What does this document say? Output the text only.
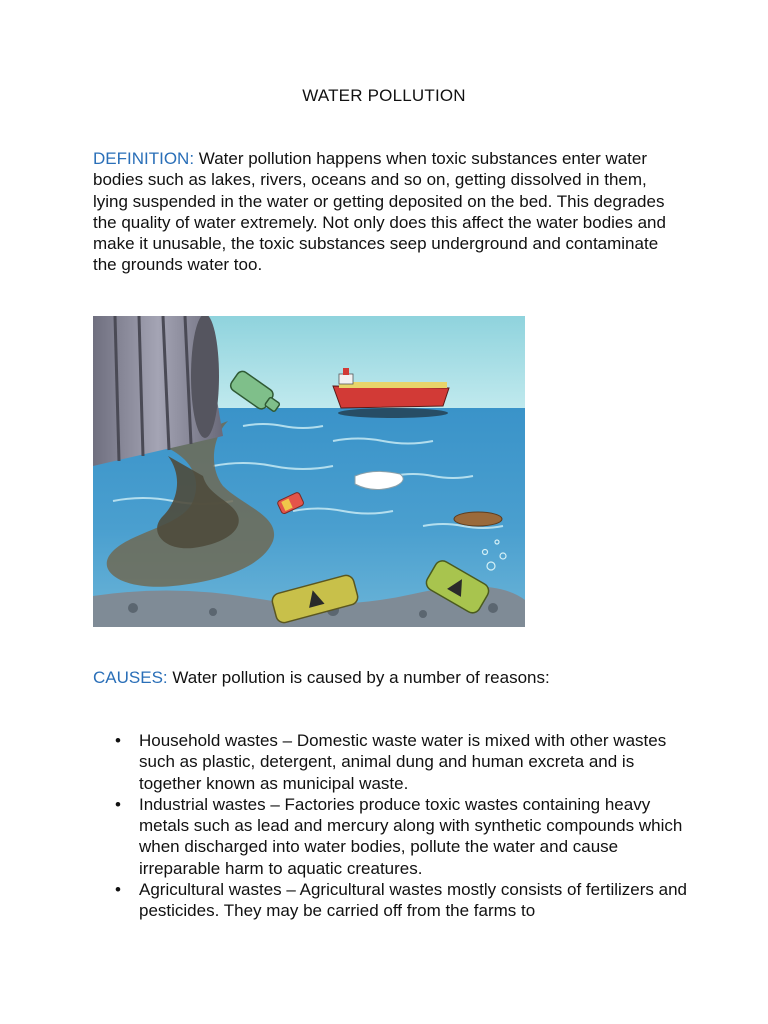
WATER POLLUTION
DEFINITION: Water pollution happens when toxic substances enter water bodies such as lakes, rivers, oceans and so on, getting dissolved in them, lying suspended in the water or getting deposited on the bed. This degrades the quality of water extremely. Not only does this affect the water bodies and make it unusable, the toxic substances seep underground and contaminate the grounds water too.
CAUSES: Water pollution is caused by a number of reasons:
• Household wastes – Domestic waste water is mixed with other wastes such as plastic, detergent, animal dung and human excreta and is together known as municipal waste.
• Industrial wastes – Factories produce toxic wastes containing heavy metals such as lead and mercury along with synthetic compounds which when discharged into water bodies, pollute the water and cause irreparable harm to aquatic creatures.
• Agricultural wastes – Agricultural wastes mostly consists of fertilizers and pesticides. They may be carried off from the farms to
